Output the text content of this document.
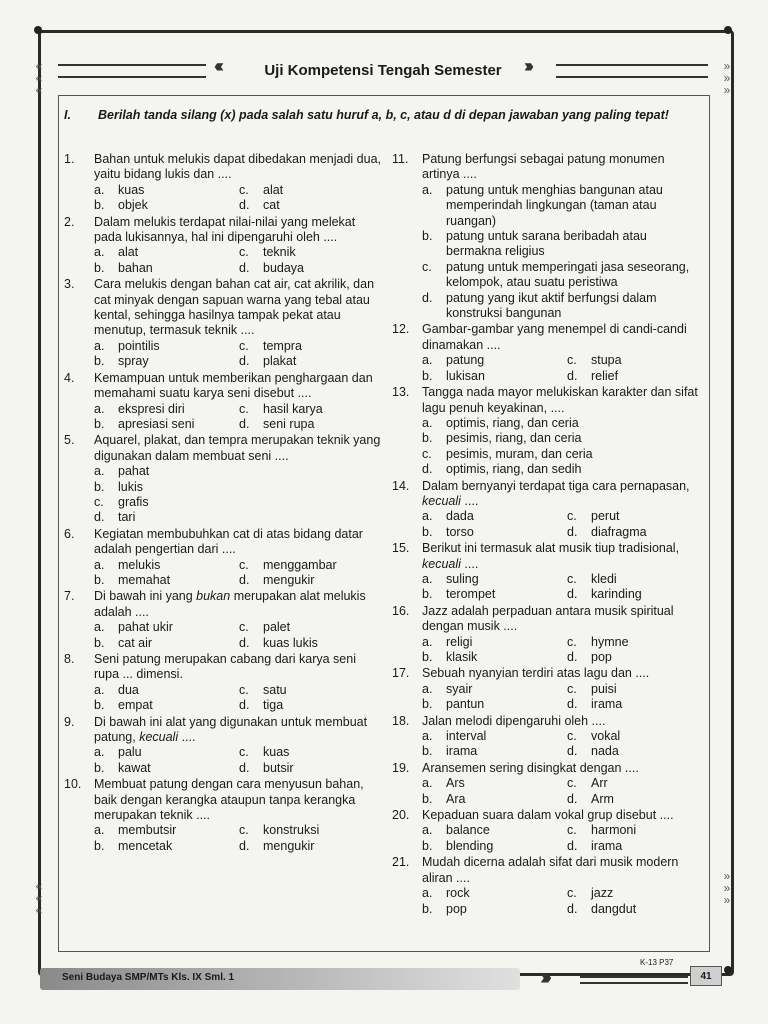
«
«
«
»
»
»
«
«
«
»
»
»
‹‹‹	Uji Kompetensi Tengah Semester	›››
I. Berilah tanda silang (x) pada salah satu huruf a, b, c, atau d di depan jawaban yang paling tepat!
1. Bahan untuk melukis dapat dibedakan menjadi dua, yaitu bidang lukis dan ....
a. kuas	c. alat
b. objek	d. cat
2. Dalam melukis terdapat nilai-nilai yang melekat pada lukisannya, hal ini dipengaruhi oleh ....
a. alat	c. teknik
b. bahan	d. budaya
3. Cara melukis dengan bahan cat air, cat akrilik, dan cat minyak dengan sapuan warna yang tebal atau kental, sehingga hasilnya tampak pekat atau menutup, termasuk teknik ....
a. pointilis	c. tempra
b. spray	d. plakat
4. Kemampuan untuk memberikan penghargaan dan memahami suatu karya seni disebut ....
a. ekspresi diri	c. hasil karya
b. apresiasi seni	d. seni rupa
5. Aquarel, plakat, dan tempra merupakan teknik yang digunakan dalam membuat seni ....
a. pahat
b. lukis
c. grafis
d. tari
6. Kegiatan membubuhkan cat di atas bidang datar adalah pengertian dari ....
a. melukis	c. menggambar
b. memahat	d. mengukir
7. Di bawah ini yang bukan merupakan alat melukis adalah ....
a. pahat ukir	c. palet
b. cat air	d. kuas lukis
8. Seni patung merupakan cabang dari karya seni rupa ... dimensi.
a. dua	c. satu
b. empat	d. tiga
9. Di bawah ini alat yang digunakan untuk membuat patung, kecuali ....
a. palu	c. kuas
b. kawat	d. butsir
10. Membuat patung dengan cara menyusun bahan, baik dengan kerangka ataupun tanpa kerangka merupakan teknik ....
a. membutsir	c. konstruksi
b. mencetak	d. mengukir
11. Patung berfungsi sebagai patung monumen artinya ....
a. patung untuk menghias bangunan atau memperindah lingkungan (taman atau ruangan)
b. patung untuk sarana beribadah atau bermakna religius
c. patung untuk memperingati jasa seseorang, kelompok, atau suatu peristiwa
d. patung yang ikut aktif berfungsi dalam konstruksi bangunan
12. Gambar-gambar yang menempel di candi-candi dinamakan ....
a. patung	c. stupa
b. lukisan	d. relief
13. Tangga nada mayor melukiskan karakter dan sifat lagu penuh keyakinan, ....
a. optimis, riang, dan ceria
b. pesimis, riang, dan ceria
c. pesimis, muram, dan ceria
d. optimis, riang, dan sedih
14. Dalam bernyanyi terdapat tiga cara pernapasan, kecuali ....
a. dada	c. perut
b. torso	d. diafragma
15. Berikut ini termasuk alat musik tiup tradisional, kecuali ....
a. suling	c. kledi
b. terompet	d. karinding
16. Jazz adalah perpaduan antara musik spiritual dengan musik ....
a. religi	c. hymne
b. klasik	d. pop
17. Sebuah nyanyian terdiri atas lagu dan ....
a. syair	c. puisi
b. pantun	d. irama
18. Jalan melodi dipengaruhi oleh ....
a. interval	c. vokal
b. irama	d. nada
19. Aransemen sering disingkat dengan ....
a. Ars	c. Arr
b. Ara	d. Arm
20. Kepaduan suara dalam vokal grup disebut ....
a. balance	c. harmoni
b. blending	d. irama
21. Mudah dicerna adalah sifat dari musik modern aliran ....
a. rock	c. jazz
b. pop	d. dangdut
Seni Budaya SMP/MTs Kls. IX Sml. 1	›››
K-13 P37
41
